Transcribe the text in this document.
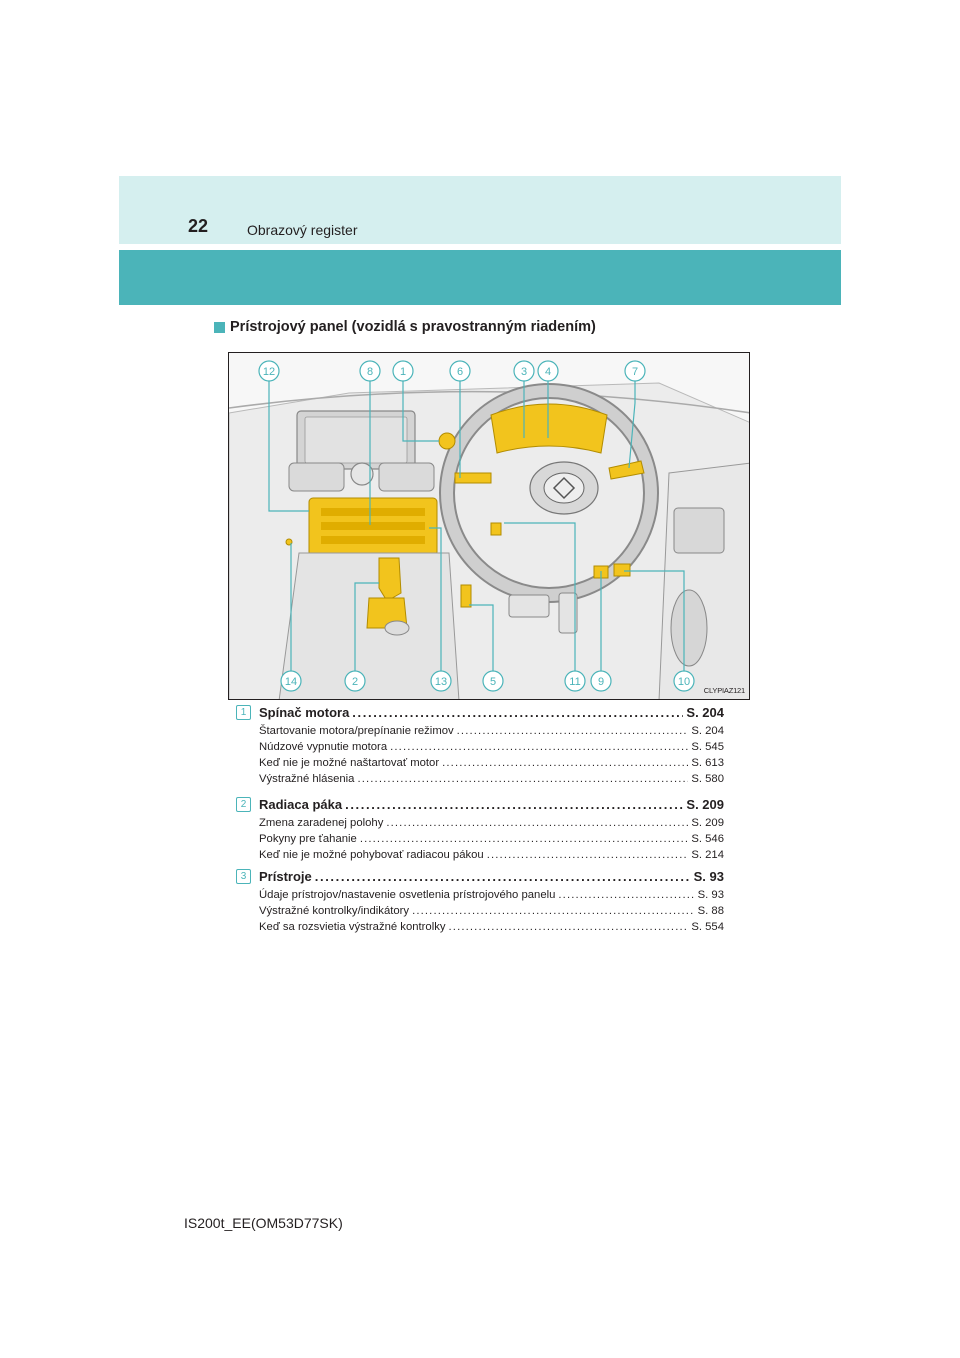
22	Obrazový register
Prístrojový panel (vozidlá s pravostranným riadením)
12	8 1	6	3 4	7
14	2	13	5	11 9	10
CLYPIAZ121
1 Spínač motora . . .	S. 204
Štartovanie motora/prepínanie režimov . . .	S. 204
Núdzové vypnutie motora . . .	S. 545
Keď nie je možné naštartovať motor . . .	S. 613
Výstražné hlásenia . . .	S. 580
2 Radiaca páka . . .	S. 209
Zmena zaradenej polohy . . .	S. 209
Pokyny pre ťahanie . . .	S. 546
Keď nie je možné pohybovať radiacou pákou . . .	S. 214
3 Prístroje . . .	S. 93
Údaje prístrojov/nastavenie osvetlenia prístrojového panelu . . .	S. 93
Výstražné kontrolky/indikátory . . .	S. 88
Keď sa rozsvietia výstražné kontrolky . . .	S. 554
IS200t_EE(OM53D77SK)
